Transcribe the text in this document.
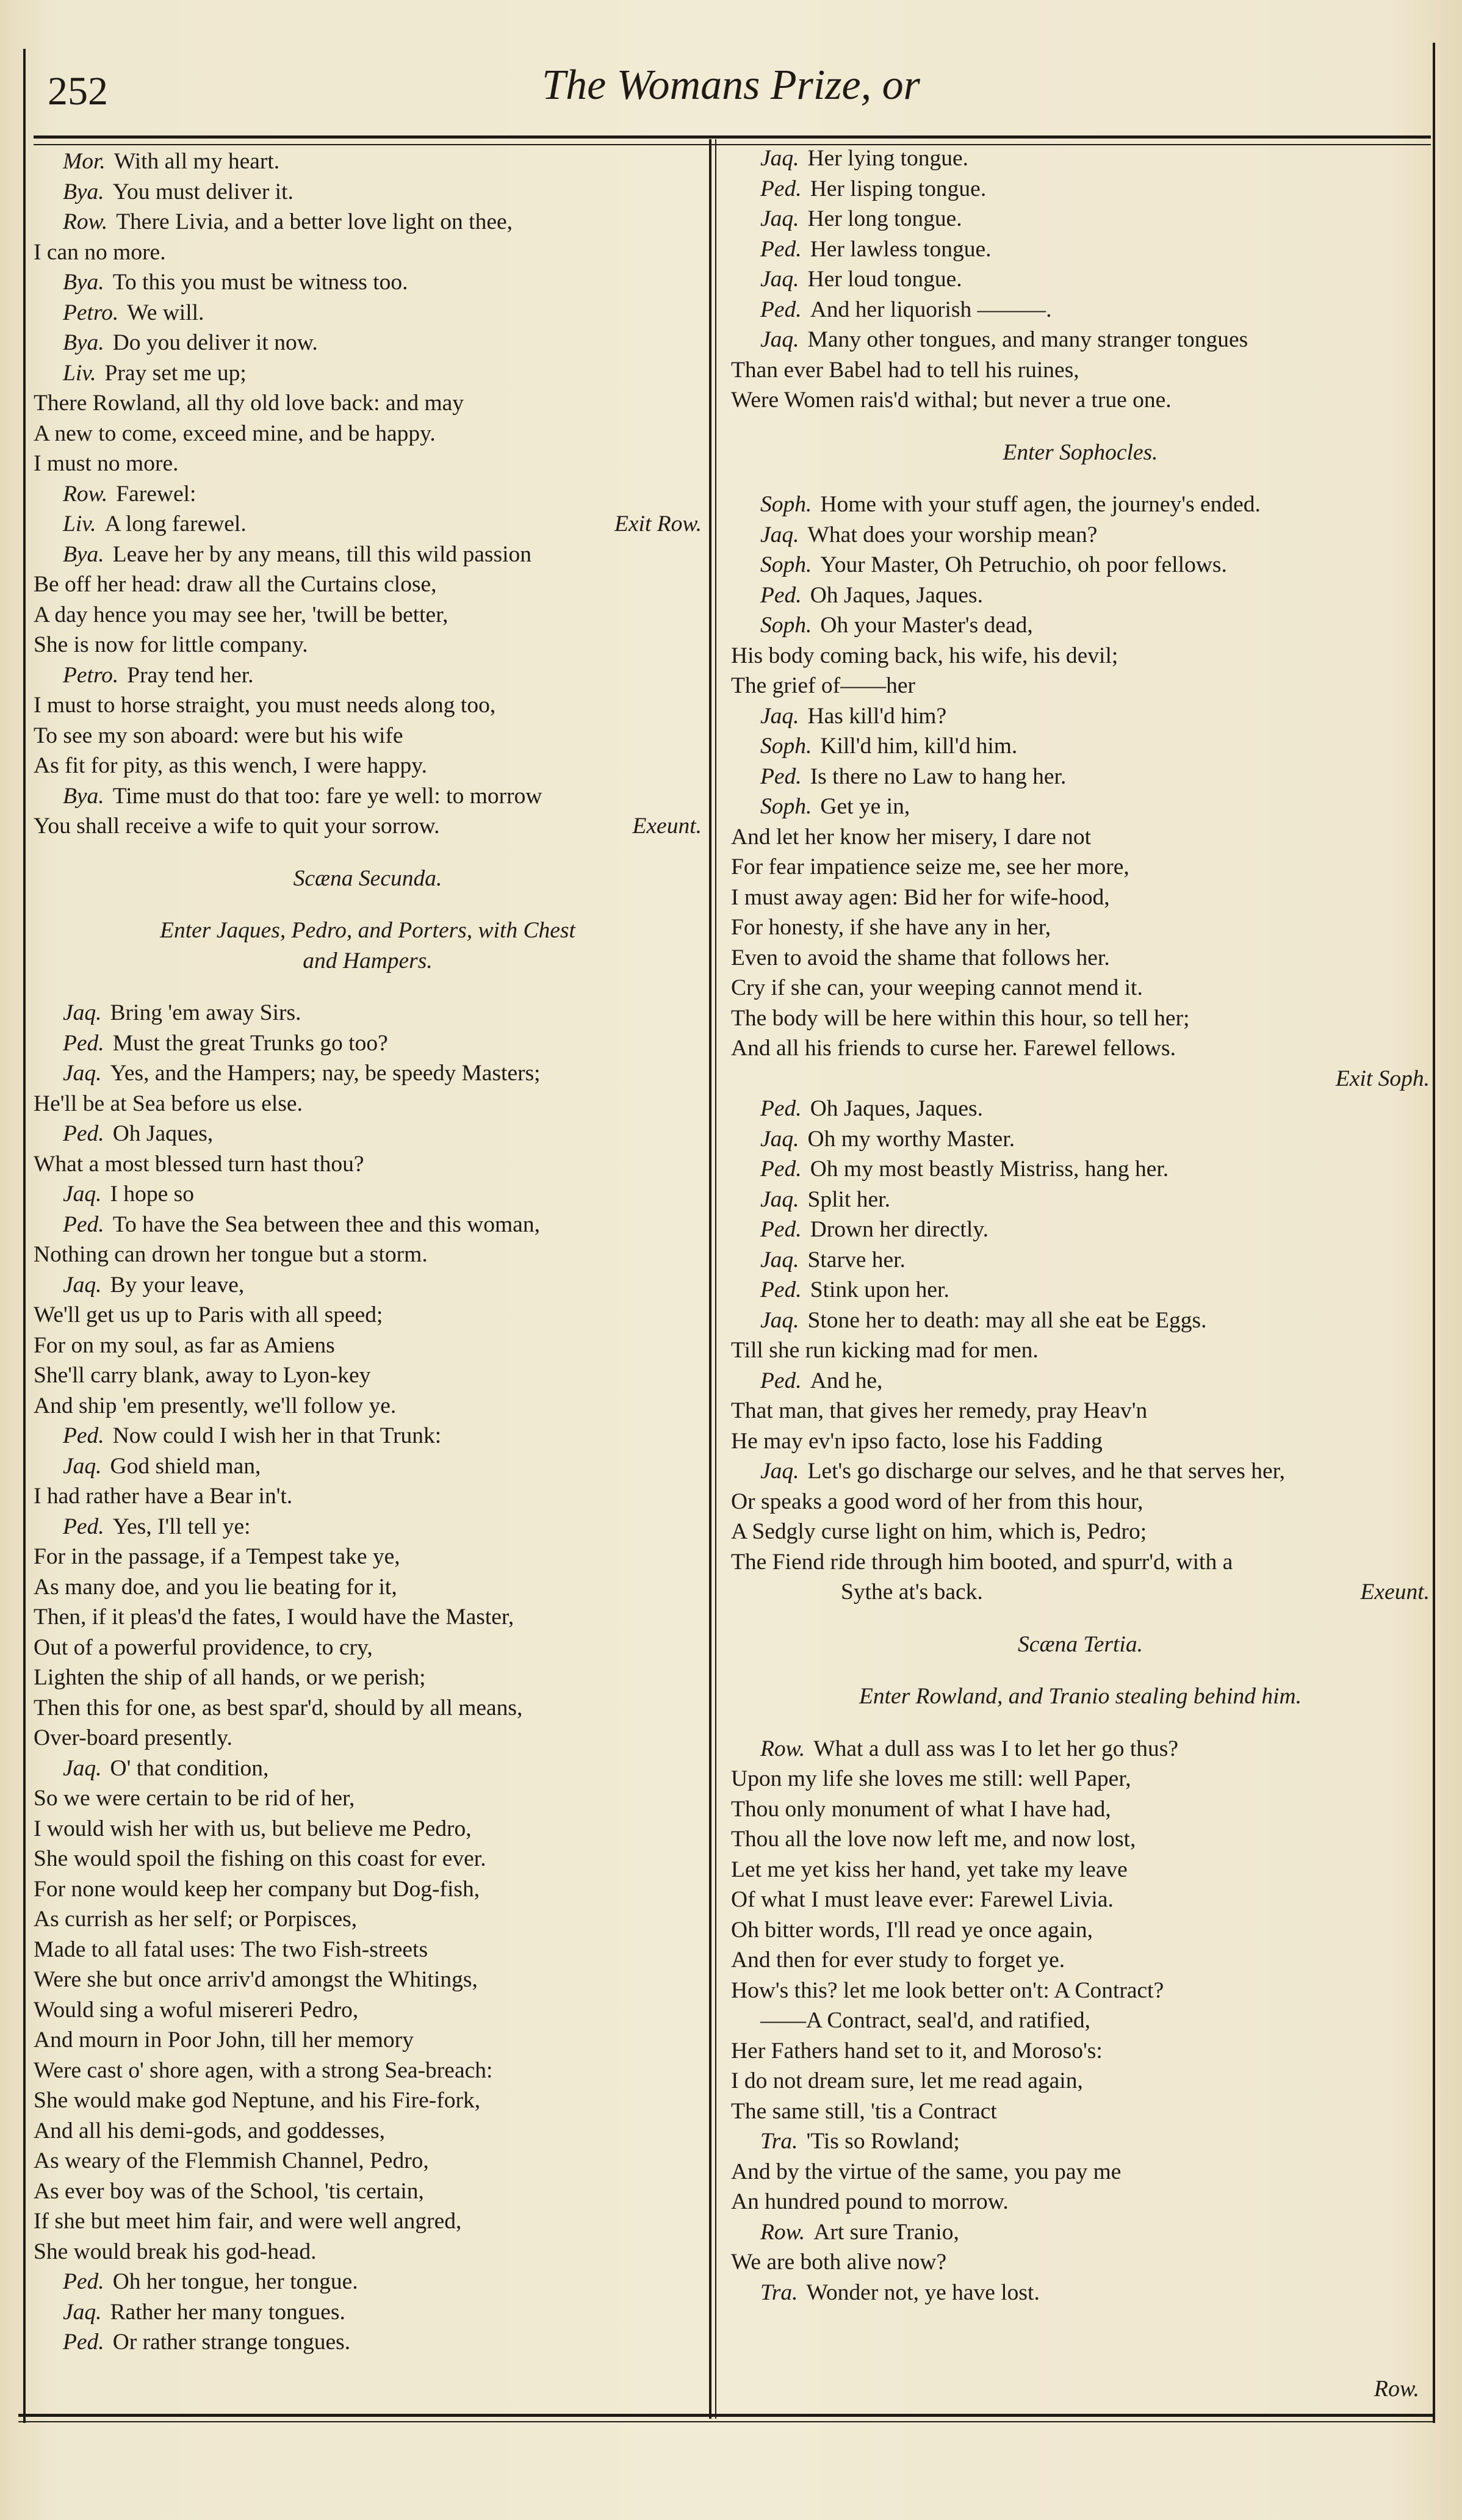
252	The Womans Prize, or
Mor. With all my heart.
Bya. You must deliver it.
Row. There Livia, and a better love light on thee,
I can no more.
Bya. To this you must be witness too.
Petro. We will.
Bya. Do you deliver it now.
Liv. Pray set me up;
There Rowland, all thy old love back: and may
A new to come, exceed mine, and be happy.
I must no more.
Row. Farewel:
Liv. A long farewel.	Exit Row.
Bya. Leave her by any means, till this wild passion
Be off her head: draw all the Curtains close,
A day hence you may see her, 'twill be better,
She is now for little company.
Petro. Pray tend her.
I must to horse straight, you must needs along too,
To see my son aboard: were but his wife
As fit for pity, as this wench, I were happy.
Bya. Time must do that too: fare ye well: to morrow
You shall receive a wife to quit your sorrow.	Exeunt.
Scæna Secunda.
Enter Jaques, Pedro, and Porters, with Chest
and Hampers.
Jaq. Bring 'em away Sirs.
Ped. Must the great Trunks go too?
Jaq. Yes, and the Hampers; nay, be speedy Masters;
He'll be at Sea before us else.
Ped. Oh Jaques,
What a most blessed turn hast thou?
Jaq. I hope so
Ped. To have the Sea between thee and this woman,
Nothing can drown her tongue but a storm.
Jaq. By your leave,
We'll get us up to Paris with all speed;
For on my soul, as far as Amiens
She'll carry blank, away to Lyon-key
And ship 'em presently, we'll follow ye.
Ped. Now could I wish her in that Trunk:
Jaq. God shield man,
I had rather have a Bear in't.
Ped. Yes, I'll tell ye:
For in the passage, if a Tempest take ye,
As many doe, and you lie beating for it,
Then, if it pleas'd the fates, I would have the Master,
Out of a powerful providence, to cry,
Lighten the ship of all hands, or we perish;
Then this for one, as best spar'd, should by all means,
Over-board presently.
Jaq. O' that condition,
So we were certain to be rid of her,
I would wish her with us, but believe me Pedro,
She would spoil the fishing on this coast for ever.
For none would keep her company but Dog-fish,
As currish as her self; or Porpisces,
Made to all fatal uses: The two Fish-streets
Were she but once arriv'd amongst the Whitings,
Would sing a woful misereri Pedro,
And mourn in Poor John, till her memory
Were cast o' shore agen, with a strong Sea-breach:
She would make god Neptune, and his Fire-fork,
And all his demi-gods, and goddesses,
As weary of the Flemmish Channel, Pedro,
As ever boy was of the School, 'tis certain,
If she but meet him fair, and were well angred,
She would break his god-head.
Ped. Oh her tongue, her tongue.
Jaq. Rather her many tongues.
Ped. Or rather strange tongues.
Jaq. Her lying tongue.
Ped. Her lisping tongue.
Jaq. Her long tongue.
Ped. Her lawless tongue.
Jaq. Her loud tongue.
Ped. And her liquorish ———.
Jaq. Many other tongues, and many stranger tongues
Than ever Babel had to tell his ruines,
Were Women rais'd withal; but never a true one.
Enter Sophocles.
Soph. Home with your stuff agen, the journey's ended.
Jaq. What does your worship mean?
Soph. Your Master, Oh Petruchio, oh poor fellows.
Ped. Oh Jaques, Jaques.
Soph. Oh your Master's dead,
His body coming back, his wife, his devil;
The grief of——her
Jaq. Has kill'd him?
Soph. Kill'd him, kill'd him.
Ped. Is there no Law to hang her.
Soph. Get ye in,
And let her know her misery, I dare not
For fear impatience seize me, see her more,
I must away agen: Bid her for wife-hood,
For honesty, if she have any in her,
Even to avoid the shame that follows her.
Cry if she can, your weeping cannot mend it.
The body will be here within this hour, so tell her;
And all his friends to curse her. Farewel fellows.
Exit Soph.
Ped. Oh Jaques, Jaques.
Jaq. Oh my worthy Master.
Ped. Oh my most beastly Mistriss, hang her.
Jaq. Split her.
Ped. Drown her directly.
Jaq. Starve her.
Ped. Stink upon her.
Jaq. Stone her to death: may all she eat be Eggs.
Till she run kicking mad for men.
Ped. And he,
That man, that gives her remedy, pray Heav'n
He may ev'n ipso facto, lose his Fadding
Jaq. Let's go discharge our selves, and he that serves her,
Or speaks a good word of her from this hour,
A Sedgly curse light on him, which is, Pedro;
The Fiend ride through him booted, and spurr'd, with a
Sythe at's back.	Exeunt.
Scæna Tertia.
Enter Rowland, and Tranio stealing behind him.
Row. What a dull ass was I to let her go thus?
Upon my life she loves me still: well Paper,
Thou only monument of what I have had,
Thou all the love now left me, and now lost,
Let me yet kiss her hand, yet take my leave
Of what I must leave ever: Farewel Livia.
Oh bitter words, I'll read ye once again,
And then for ever study to forget ye.
How's this? let me look better on't: A Contract?
——A Contract, seal'd, and ratified,
Her Fathers hand set to it, and Moroso's:
I do not dream sure, let me read again,
The same still, 'tis a Contract
Tra. 'Tis so Rowland;
And by the virtue of the same, you pay me
An hundred pound to morrow.
Row. Art sure Tranio,
We are both alive now?
Tra. Wonder not, ye have lost.
Row.
